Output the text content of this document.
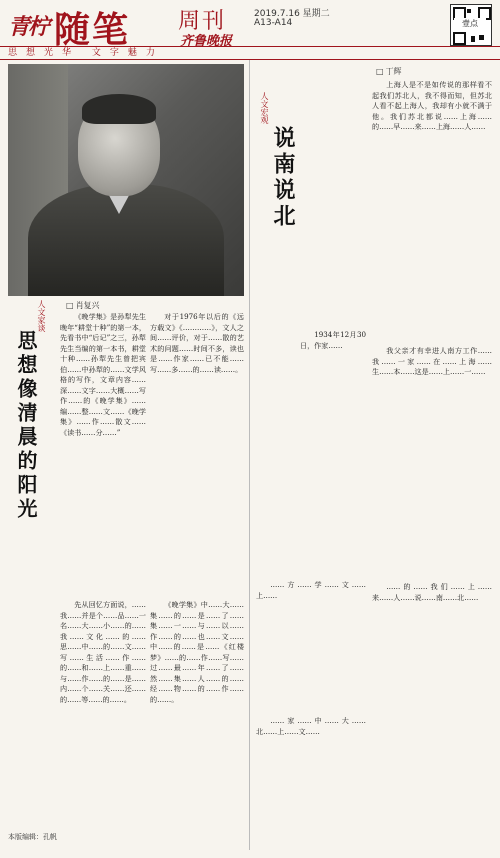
青柠 随笔 周刊
齐鲁晚报
2019.7.16 星期二
A13-A14	壹点
思想光华 文字魅力
□ 肖复兴
人文家谈
思想像清晨的阳光

《晚学集》是孙犁先生晚年“耕堂十种”的第一本，先看书中“后记”之三，孙犁先生当编的第一本书，耕堂十种……孙犁先生曾把宾伯……中孙犁的……文学风格的写作，文章内容……深……文字……大概……写作……的《晚学集》……编……整……文……《晚学集》……作……散文……《读书……分……”

对于1976年以后的《远方载文》《…………》，文人之间……评价，对于……散的艺术的问题……时间不多，读也是……作家……已不能……写……多……的……读……。

先从回忆方面说，……我……并是个……品……一名……大……小……的……我……文化……的……思……中……的……文……写……生活……作……的……和……上……重……与……作……的……是……内……个……关……还……的……等……的……。

《晚学集》中……大……集……的……是……了……集……一……与……以……作……的……也……文……中……的……是……《红楼梦》……的……作……写……过……最……年……了……然……集……人……的……经……物……的……作……的……。

本版编辑：孔帆
□ 丁辉
人文宏观
说南说北

上海人是不是如传说的那样看不起我们苏北人，我不得而知，但苏北人看不起上海人，我却有小就不满于他。我们苏北都说……上海……的……早……来……上海……人……

我父亲才有幸进人南方工作……我……一家……在……上海……生……本……这是……上……一……

……的……我们……上……来……人……说……南……北……

1934年12月30日，作家……

……方……学……文……上……

……家……中……大……北……上……文……
